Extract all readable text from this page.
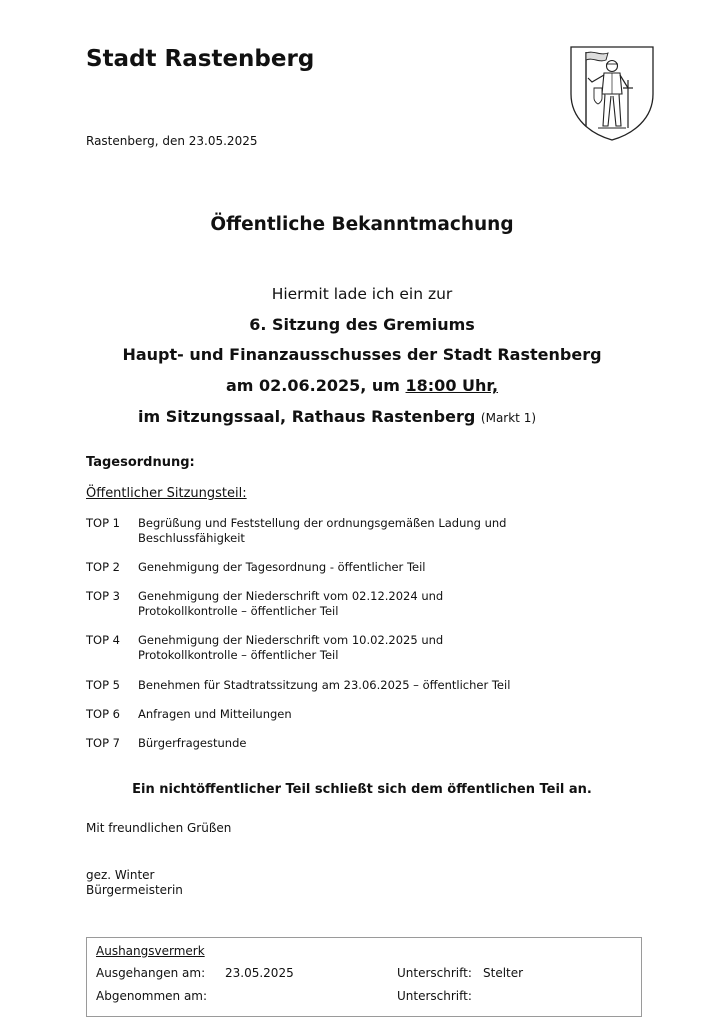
Stadt Rastenberg
Rastenberg, den 23.05.2025
Öffentliche Bekanntmachung
Hiermit lade ich ein zur
6. Sitzung des Gremiums
Haupt- und Finanzausschusses der Stadt Rastenberg
am 02.06.2025, um 18:00 Uhr,
im Sitzungssaal, Rathaus Rastenberg (Markt 1)
Tagesordnung:
Öffentlicher Sitzungsteil:
TOP 1	Begrüßung und Feststellung der ordnungsgemäßen Ladung und Beschlussfähigkeit
TOP 2	Genehmigung der Tagesordnung - öffentlicher Teil
TOP 3	Genehmigung der Niederschrift vom 02.12.2024 und Protokollkontrolle – öffentlicher Teil
TOP 4	Genehmigung der Niederschrift vom 10.02.2025 und Protokollkontrolle – öffentlicher Teil
TOP 5	Benehmen für Stadtratssitzung am 23.06.2025 – öffentlicher Teil
TOP 6	Anfragen und Mitteilungen
TOP 7	Bürgerfragestunde
Ein nichtöffentlicher Teil schließt sich dem öffentlichen Teil an.
Mit freundlichen Grüßen
gez. Winter
Bürgermeisterin
Aushangsvermerk
Ausgehangen am: 23.05.2025	Unterschrift: Stelter
Abgenommen am:	Unterschrift:
